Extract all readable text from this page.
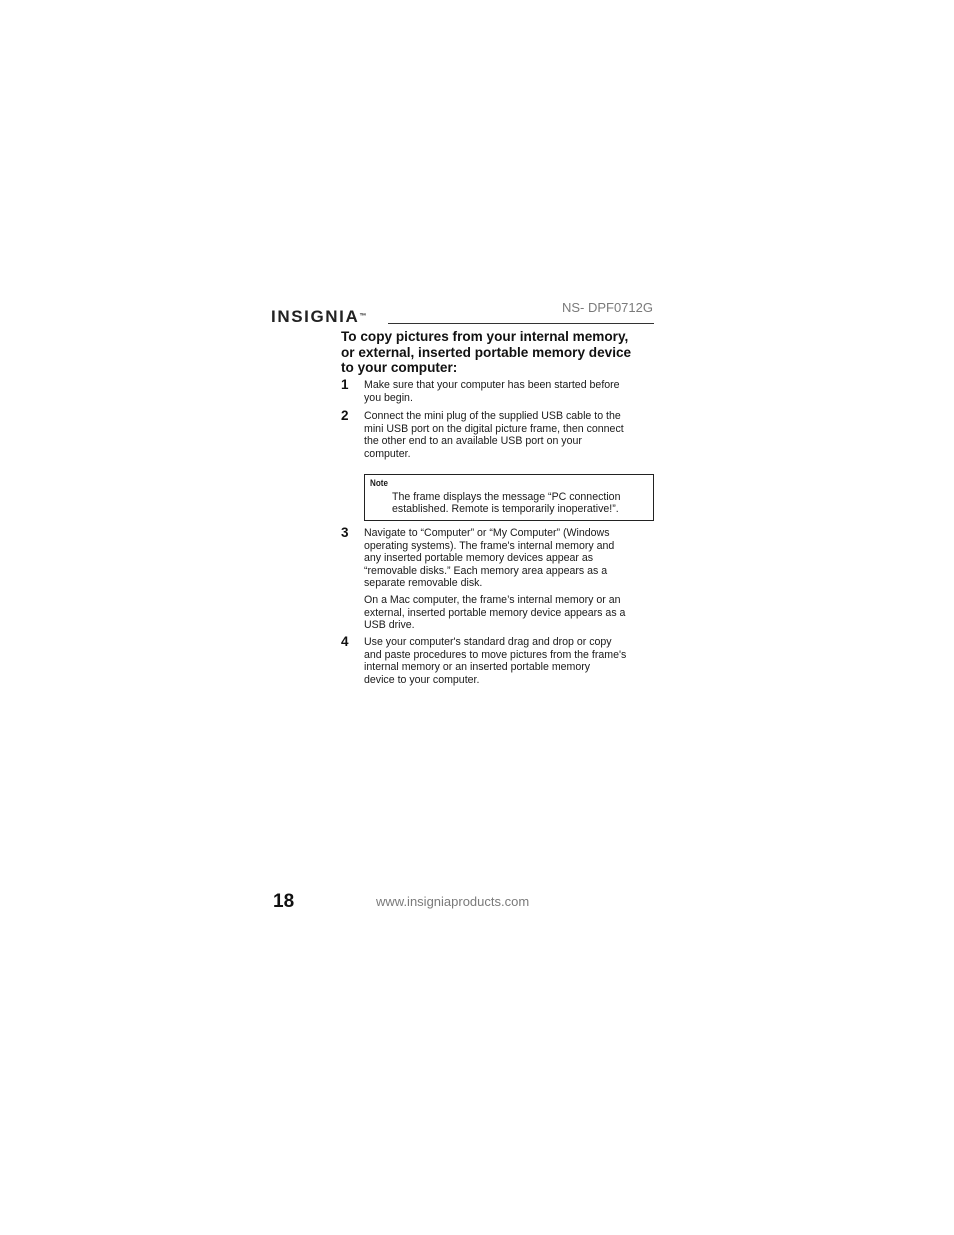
INSIGNIA™
NS- DPF0712G
To copy pictures from your internal memory,
or external, inserted portable memory device
to your computer:
1 Make sure that your computer has been started before
you begin.
2 Connect the mini plug of the supplied USB cable to the
mini USB port on the digital picture frame, then connect
the other end to an available USB port on your
computer.
Note
The frame displays the message “PC connection
established. Remote is temporarily inoperative!”.
3 Navigate to “Computer” or “My Computer” (Windows
operating systems). The frame's internal memory and
any inserted portable memory devices appear as
“removable disks.” Each memory area appears as a
separate removable disk.
On a Mac computer, the frame’s internal memory or an
external, inserted portable memory device appears as a
USB drive.
4 Use your computer's standard drag and drop or copy
and paste procedures to move pictures from the frame's
internal memory or an inserted portable memory
device to your computer.
18	www.insigniaproducts.com
